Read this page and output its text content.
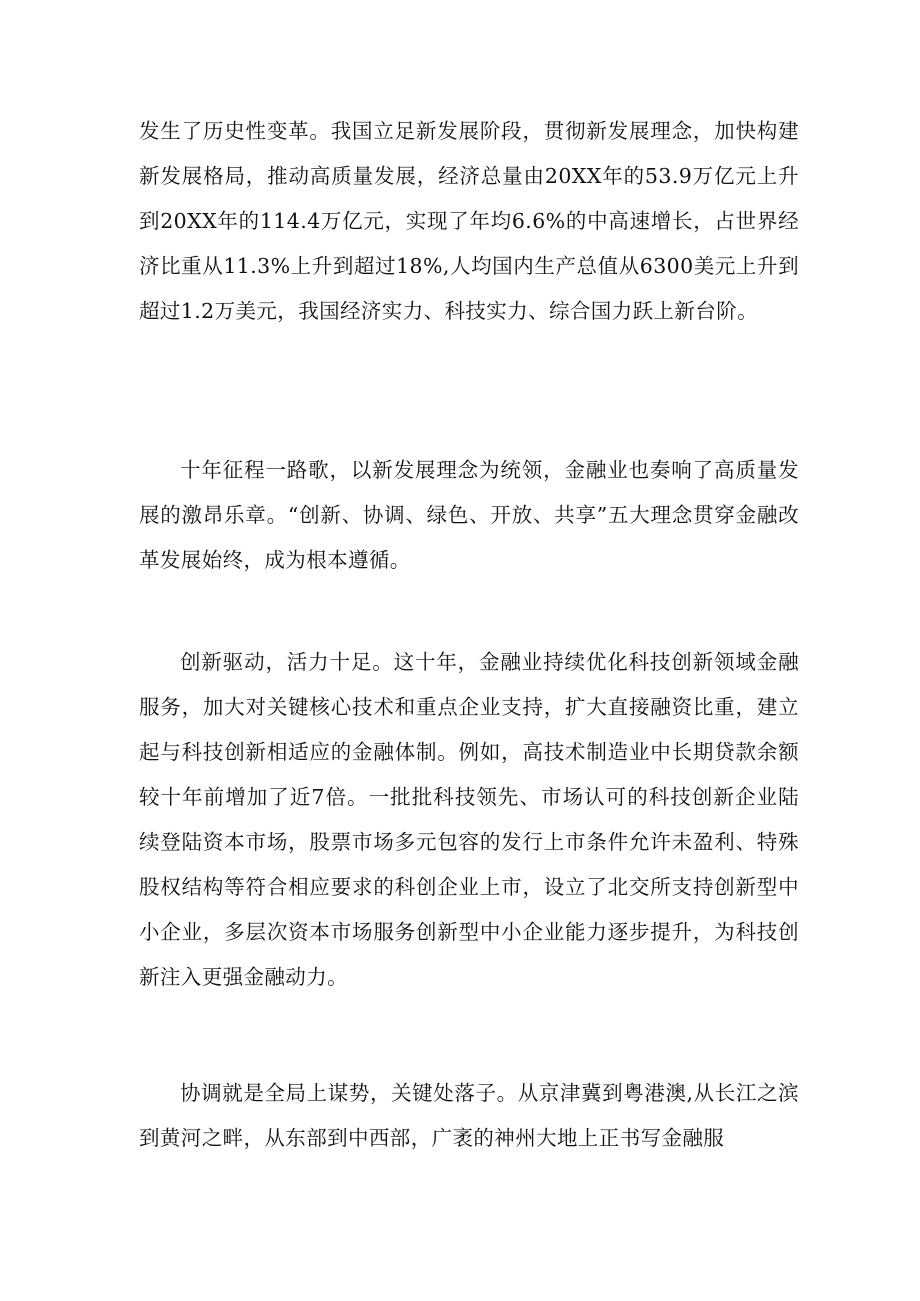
发生了历史性变革。我国立足新发展阶段，贯彻新发展理念，加快构建新发展格局，推动高质量发展，经济总量由20XX年的53.9万亿元上升到20XX年的114.4万亿元，实现了年均6.6%的中高速增长，占世界经济比重从11.3%上升到超过18%,人均国内生产总值从6300美元上升到超过1.2万美元，我国经济实力、科技实力、综合国力跃上新台阶。

十年征程一路歌，以新发展理念为统领，金融业也奏响了高质量发展的激昂乐章。“创新、协调、绿色、开放、共享”五大理念贯穿金融改革发展始终，成为根本遵循。

创新驱动，活力十足。这十年，金融业持续优化科技创新领域金融服务，加大对关键核心技术和重点企业支持，扩大直接融资比重，建立起与科技创新相适应的金融体制。例如，高技术制造业中长期贷款余额较十年前增加了近7倍。一批批科技领先、市场认可的科技创新企业陆续登陆资本市场，股票市场多元包容的发行上市条件允许未盈利、特殊股权结构等符合相应要求的科创企业上市，设立了北交所支持创新型中小企业，多层次资本市场服务创新型中小企业能力逐步提升，为科技创新注入更强金融动力。

协调就是全局上谋势，关键处落子。从京津冀到粤港澳,从长江之滨到黄河之畔，从东部到中西部，广袤的神州大地上正书写金融服
